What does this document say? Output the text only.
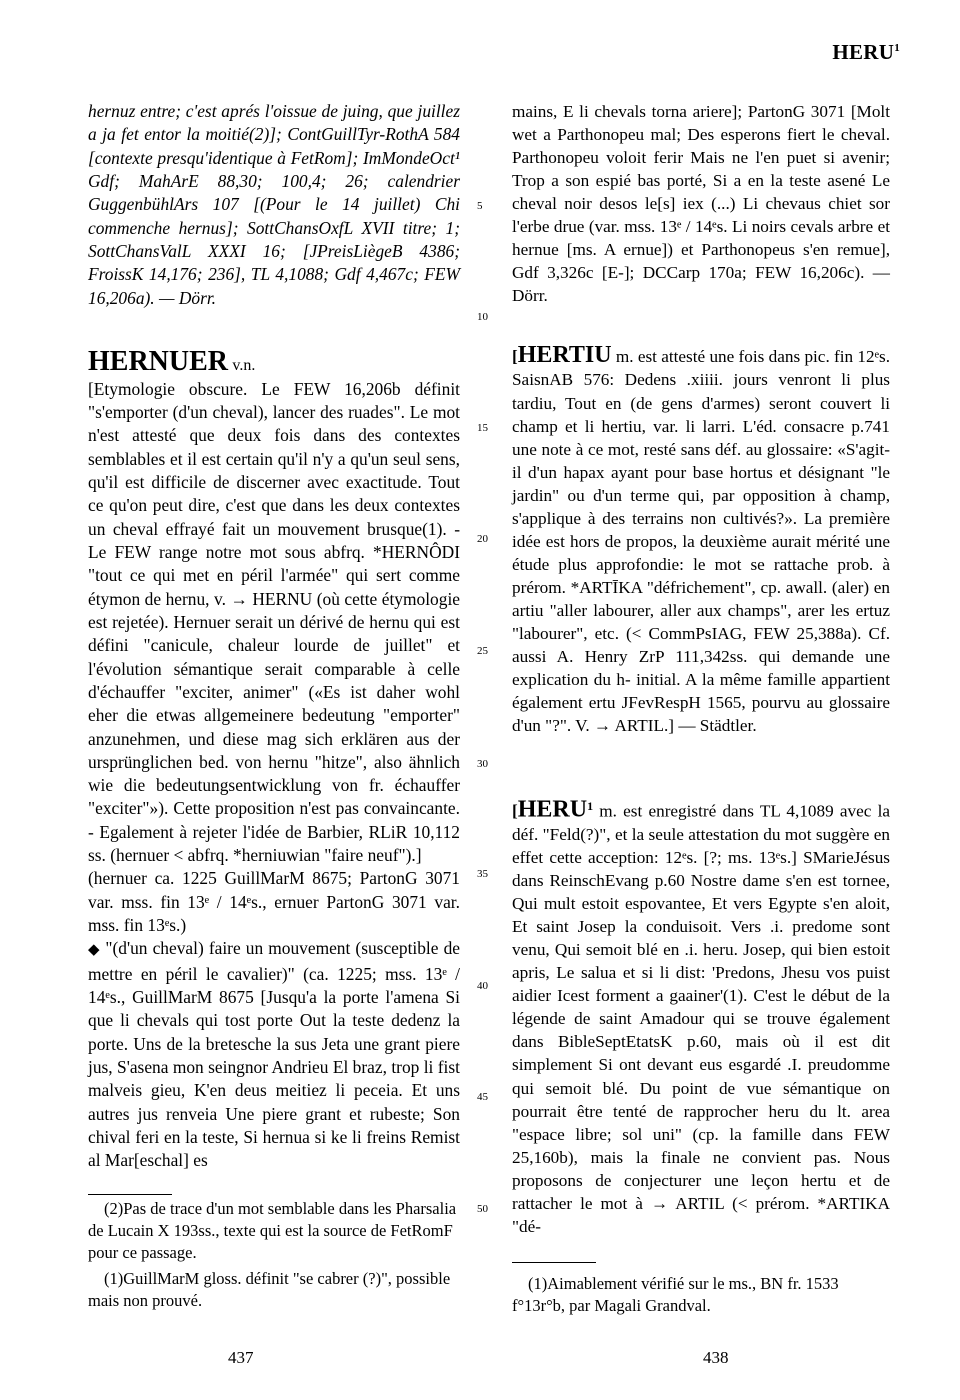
HERU$^1$
5
10
15
20
25
30
35
40
45
50

hernuz entre; c'est aprés l'oissue de juing, que juillez a ja fet entor la moitié(2)]; ContGuillTyr-RothA 584 [contexte presqu'identique à FetRom]; ImMondeOct¹ Gdf; MahArE 88,30; 100,4; 26; calendrier GuggenbühlArs 107 [(Pour le 14 juillet) Chi commenche hernus]; SottChansOxfL XVII titre; 1; SottChansValL XXXI 16; [JPreisLiègeB 4386; FroissK 14,176; 236], TL 4,1088; Gdf 4,467c; FEW 16,206a). — Dörr.

HERNUER v.n.

[Etymologie obscure. Le FEW 16,206b définit "s'emporter (d'un cheval), lancer des ruades". Le mot n'est attesté que deux fois dans des contextes semblables et il est certain qu'il n'y a qu'un seul sens, qu'il est difficile de discerner avec exactitude. Tout ce qu'on peut dire, c'est que dans les deux contextes un cheval effrayé fait un mouvement brusque(1). - Le FEW range notre mot sous abfrq. *HERNÔDI "tout ce qui met en péril l'armée" qui sert comme étymon de hernu, v. → HERNU (où cette étymologie est rejetée). Hernuer serait un dérivé de hernu qui est défini "canicule, chaleur lourde de juillet" et l'évolution sémantique serait comparable à celle d'échauffer "exciter, animer" («Es ist daher wohl eher die etwas allgemeinere bedeutung "emporter" anzunehmen, und diese mag sich erklären aus der ursprünglichen bed. von hernu "hitze", also ähnlich wie die bedeutungsentwicklung von fr. échauffer "exciter"»). Cette proposition n'est pas convaincante. - Egalement à rejeter l'idée de Barbier, RLiR 10,112 ss. (hernuer < abfrq. *herniuwian "faire neuf").]

(hernuer ca. 1225 GuillMarM 8675; PartonG 3071 var. mss. fin 13ᵉ / 14ᵉs., ernuer PartonG 3071 var. mss. fin 13ᵉs.)

◆ "(d'un cheval) faire un mouvement (susceptible de mettre en péril le cavalier)" (ca. 1225; mss. 13ᵉ / 14ᵉs., GuillMarM 8675 [Jusqu'a la porte l'amena Si que li chevals qui tost porte Out la teste dedenz la porte. Uns de la bretesche la sus Jeta une grant piere jus, S'asena mon seingnor Andrieu El braz, trop li fist malveis gieu, K'en deus meitiez li peceia. Et uns autres jus renveia Une piere grant et rubeste; Son chival feri en la teste, Si hernua si ke li freins Remist al Mar[eschal] es

mains, E li chevals torna ariere]; PartonG 3071 [Molt wet a Parthonopeu mal; Des esperons fiert le cheval. Parthonopeu voloit ferir Mais ne l'en puet si avenir; Trop a son espié bas porté, Si a en la teste asené Le cheval noir desos le[s] iex (...) Li chevaus chiet sor l'erbe drue (var. mss. 13ᵉ / 14ᵉs. Li noirs cevals arbre et hernue [ms. A ernue]) et Parthonopeus s'en remue], Gdf 3,326c [E-]; DCCarp 170a; FEW 16,206c). — Dörr.

[HERTIU m. est attesté une fois dans pic. fin 12ᵉs. SaisnAB 576: Dedens .xiiii. jours venront li plus tardiu, Tout en (de gens d'armes) seront couvert li champ et li hertiu, var. li larri. L'éd. consacre p.741 une note à ce mot, resté sans déf. au glossaire: «S'agit-il d'un hapax ayant pour base hortus et désignant "le jardin" ou d'un terme qui, par opposition à champ, s'applique à des terrains non cultivés?». La première idée est hors de propos, la deuxième aurait mérité une étude plus approfondie: le mot se rattache prob. à prérom. *ARTĪKA "défrichement", cp. awall. (aler) en artiu "aller labourer, aller aux champs", arer les ertuz "labourer", etc. (< CommPsIAG, FEW 25,388a). Cf. aussi A. Henry ZrP 111,342ss. qui demande une explication du h- initial. A la même famille appartient également ertu JFevRespH 1565, pourvu au glossaire d'un "?". V. → ARTIL.] — Städtler.

[HERU$^1$ m. est enregistré dans TL 4,1089 avec la déf. "Feld(?)", et la seule attestation du mot suggère en effet cette acception: 12ᵉs. [?; ms. 13ᵉs.] SMarieJésus dans ReinschEvang p.60 Nostre dame s'en est tornee, Qui mult estoit espovantee, Et vers Egypte s'en aloit, Et saint Josep la conduisoit. Vers .i. predome sont venu, Qui semoit blé en .i. heru. Josep, qui bien estoit apris, Le salua et si li dist: 'Predons, Jhesu vos puist aidier Icest forment a gaainer'(1). C'est le début de la légende de saint Amadour qui se trouve également dans BibleSeptEtatsK p.60, mais où il est dit simplement Si ont devant eus esgardé .I. preudomme qui semoit blé. Du point de vue sémantique on pourrait être tenté de rapprocher heru du lt. area "espace libre; sol uni" (cp. la famille dans FEW 25,160b), mais la finale ne convient pas. Nous proposons de conjecturer une leçon hertu et de rattacher le mot à → ARTIL (< prérom. *ARTIKA "dé-

(2)Pas de trace d'un mot semblable dans les Pharsalia de Lucain X 193ss., texte qui est la source de FetRomF pour ce passage.

(1)GuillMarM gloss. définit "se cabrer (?)", possible mais non prouvé.

(1)Aimablement vérifié sur le ms., BN fr. 1533 f°13r°b, par Magali Grandval.

437	438
